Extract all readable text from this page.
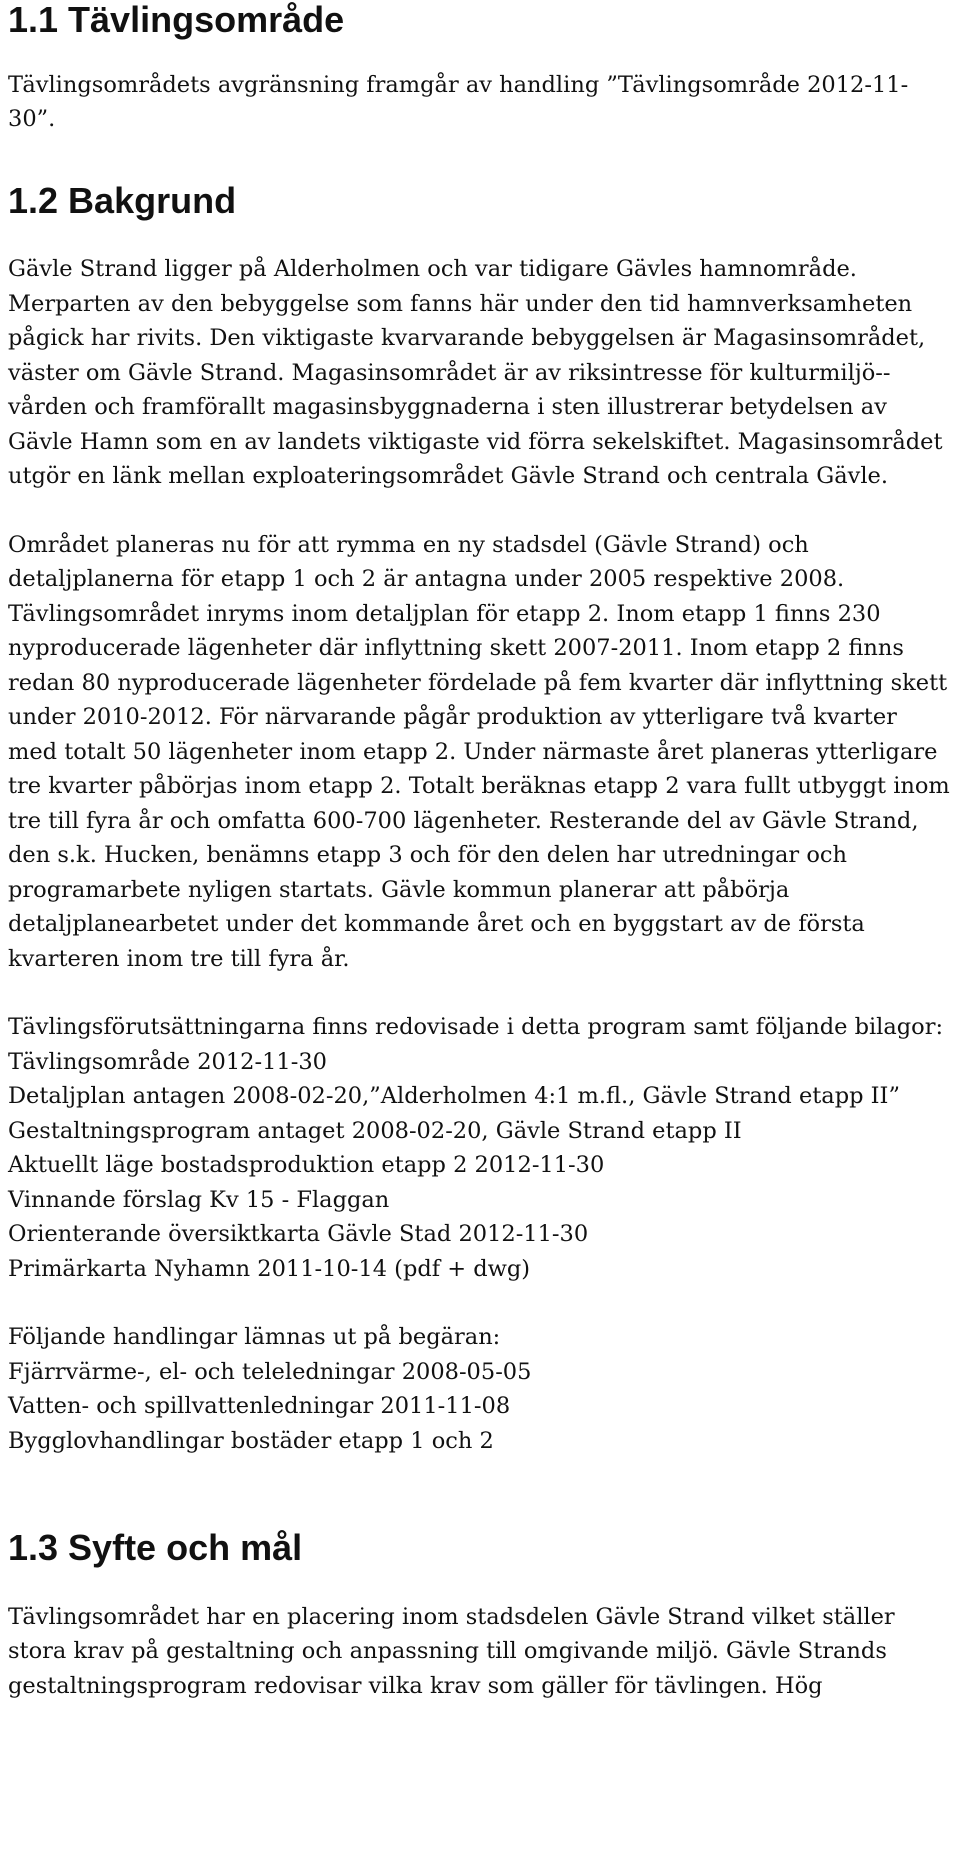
1.1 Tävlingsområde

Tävlingsområdets avgränsning framgår av handling ”Tävlingsområde 2012-11-30”.

1.2 Bakgrund

Gävle Strand ligger på Alderholmen och var tidigare Gävles hamnområde. Merparten av den bebyggelse som fanns här under den tid hamnverksamheten pågick har rivits. Den viktigaste kvarvarande bebyggelsen är Magasinsområdet, väster om Gävle Strand. Magasinsområdet är av riksintresse för kulturmiljö--vården och framförallt magasinsbyggnaderna i sten illustrerar betydelsen av Gävle Hamn som en av landets viktigaste vid förra sekelskiftet. Magasinsområdet utgör en länk mellan exploateringsområdet Gävle Strand och centrala Gävle.

Området planeras nu för att rymma en ny stadsdel (Gävle Strand) och detaljplanerna för etapp 1 och 2 är antagna under 2005 respektive 2008. Tävlingsområdet inryms inom detaljplan för etapp 2. Inom etapp 1 finns 230 nyproducerade lägenheter där inflyttning skett 2007-2011. Inom etapp 2 finns redan 80 nyproducerade lägenheter fördelade på fem kvarter där inflyttning skett under 2010-2012. För närvarande pågår produktion av ytterligare två kvarter med totalt 50 lägenheter inom etapp 2. Under närmaste året planeras ytterligare tre kvarter påbörjas inom etapp 2. Totalt beräknas etapp 2 vara fullt utbyggt inom tre till fyra år och omfatta 600-700 lägenheter. Resterande del av Gävle Strand, den s.k. Hucken, benämns etapp 3 och för den delen har utredningar och programarbete nyligen startats. Gävle kommun planerar att påbörja detaljplanearbetet under det kommande året och en byggstart av de första kvarteren inom tre till fyra år.

Tävlingsförutsättningarna finns redovisade i detta program samt följande bilagor:

Tävlingsområde 2012-11-30
Detaljplan antagen 2008-02-20,”Alderholmen 4:1 m.fl., Gävle Strand etapp II”
Gestaltningsprogram antaget 2008-02-20, Gävle Strand etapp II
Aktuellt läge bostadsproduktion etapp 2 2012-11-30
Vinnande förslag Kv 15 - Flaggan
Orienterande översiktkarta Gävle Stad 2012-11-30
Primärkarta Nyhamn 2011-10-14 (pdf + dwg)
Följande handlingar lämnas ut på begäran:
Fjärrvärme-, el- och teleledningar 2008-05-05
Vatten- och spillvattenledningar 2011-11-08
Bygglovhandlingar bostäder etapp 1 och 2
1.3 Syfte och mål

Tävlingsområdet har en placering inom stadsdelen Gävle Strand vilket ställer stora krav på gestaltning och anpassning till omgivande miljö. Gävle Strands gestaltningsprogram redovisar vilka krav som gäller för tävlingen. Hög
